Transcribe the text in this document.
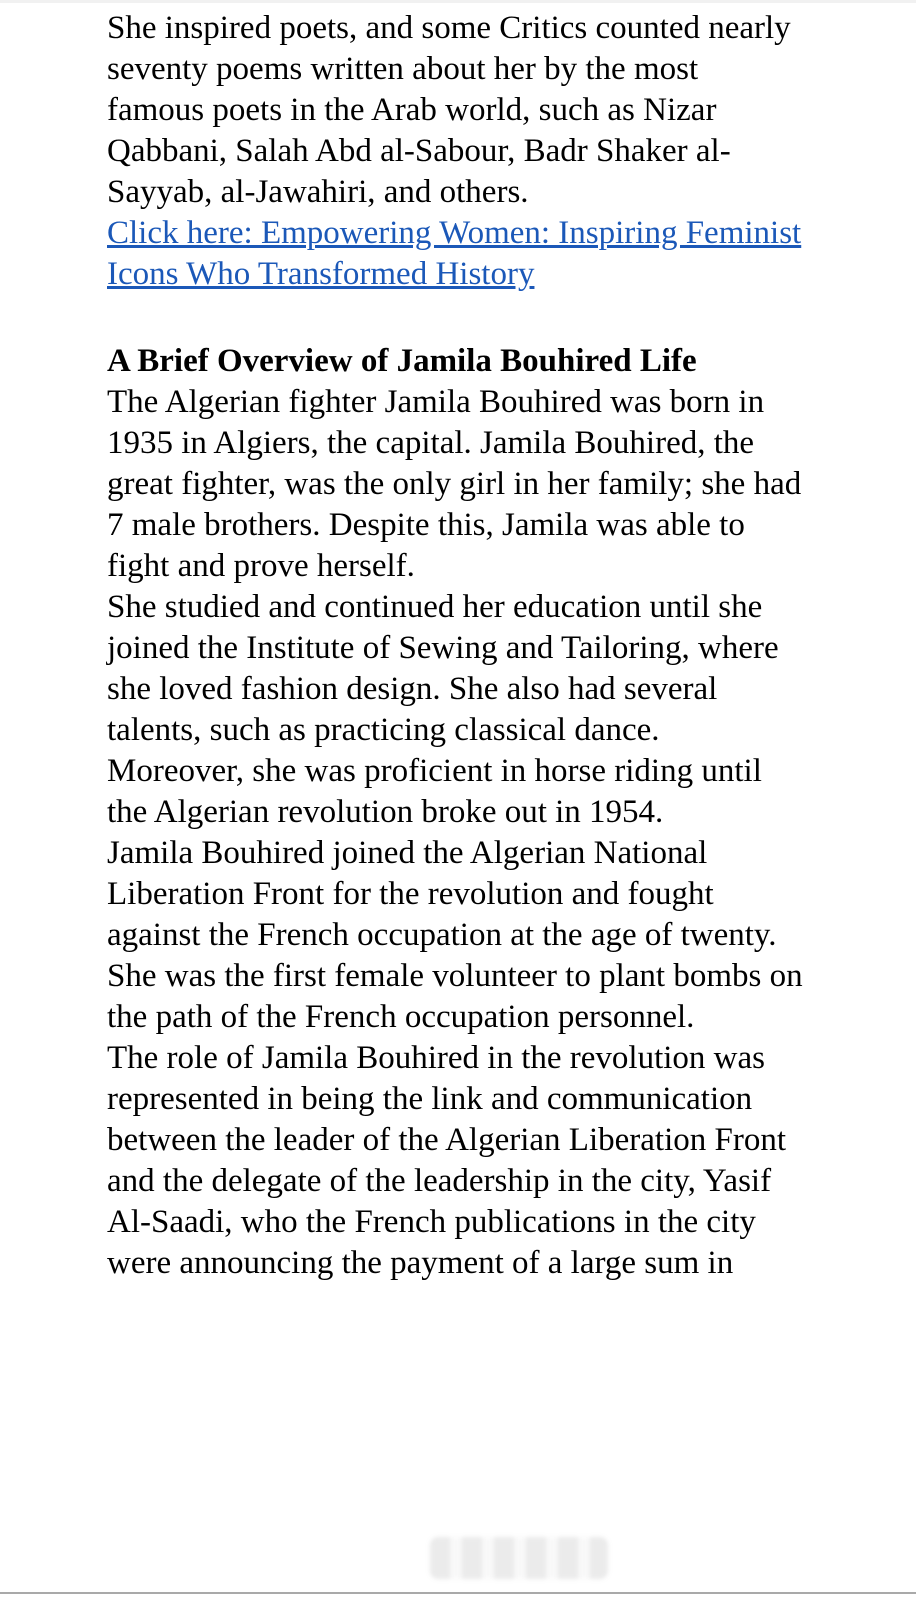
She inspired poets, and some Critics counted nearly seventy poems written about her by the most famous poets in the Arab world, such as Nizar Qabbani, Salah Abd al-Sabour, Badr Shaker al-Sayyab, al-Jawahiri, and others.

Click here: Empowering Women: Inspiring Feminist Icons Who Transformed History

A Brief Overview of Jamila Bouhired Life

The Algerian fighter Jamila Bouhired was born in 1935 in Algiers, the capital. Jamila Bouhired, the great fighter, was the only girl in her family; she had 7 male brothers. Despite this, Jamila was able to fight and prove herself.

She studied and continued her education until she joined the Institute of Sewing and Tailoring, where she loved fashion design. She also had several talents, such as practicing classical dance. Moreover, she was proficient in horse riding until the Algerian revolution broke out in 1954.

Jamila Bouhired joined the Algerian National Liberation Front for the revolution and fought against the French occupation at the age of twenty. She was the first female volunteer to plant bombs on the path of the French occupation personnel.

The role of Jamila Bouhired in the revolution was represented in being the link and communication between the leader of the Algerian Liberation Front and the delegate of the leadership in the city, Yasif Al-Saadi, who the French publications in the city were announcing the payment of a large sum in
